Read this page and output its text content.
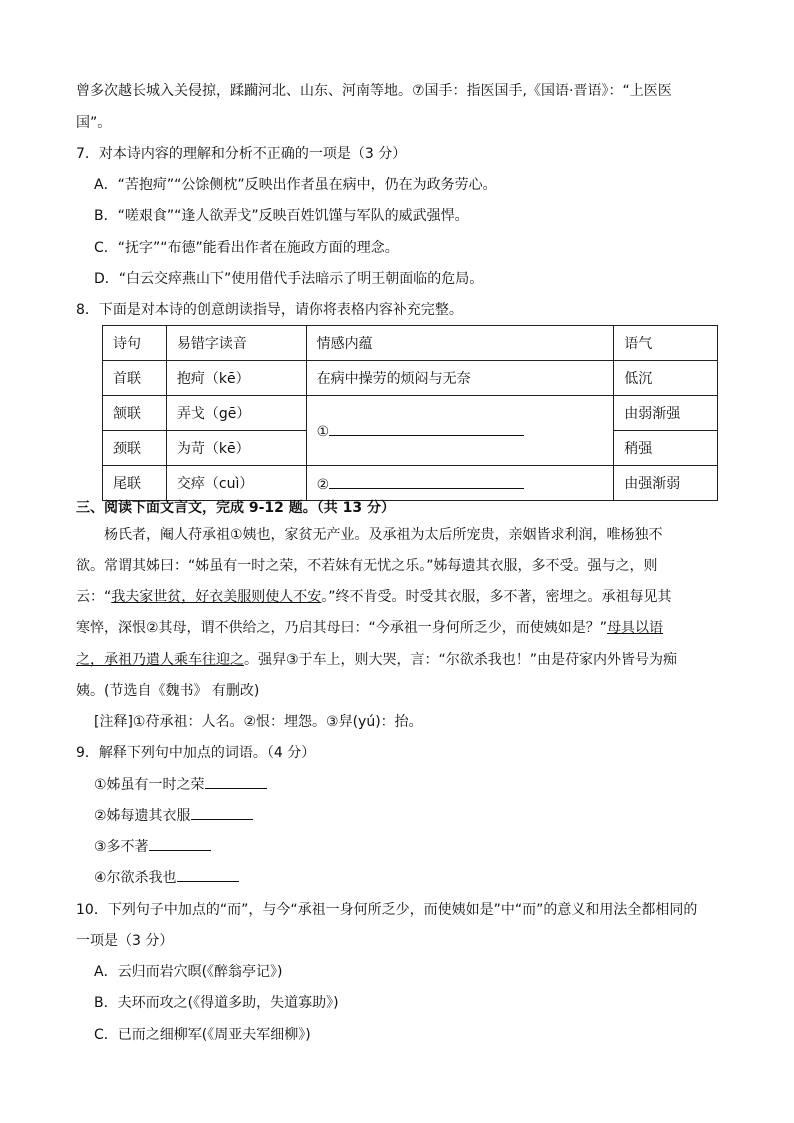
曾多次越长城入关侵掠，蹂躏河北、山东、河南等地。⑦国手：指医国手,《国语·晋语》：“上医医
国”。
7．对本诗内容的理解和分析不正确的一项是（3 分）
A．“苦抱疴”“公馀侧枕”反映出作者虽在病中，仍在为政务劳心。
B．“嗟艰食”“逢人欲弄戈”反映百姓饥馑与军队的威武强悍。
C．“抚字”“布德”能看出作者在施政方面的理念。
D．“白云交瘁燕山下”使用借代手法暗示了明王朝面临的危局。
8．下面是对本诗的创意朗读指导，请你将表格内容补充完整。
诗句	易错字读音	情感内蕴	语气
首联	抱疴（kē）	在病中操劳的烦闷与无奈	低沉
颔联	弄戈（gē）	①	由弱渐强
颈联	为苛（kē）		稍强
尾联	交瘁（cuì）	②	由强渐弱
三、阅读下面文言文，完成 9-12 题。（共 13 分）
杨氏者，阉人苻承祖①姨也，家贫无产业。及承祖为太后所宠贵，亲姻皆求利润，唯杨独不
欲。常谓其姊曰：“姊虽有一时之荣，不若妹有无忧之乐。”姊每遗其衣服，多不受。强与之，则
云：“我夫家世贫，好衣美服则使人不安。”终不肯受。时受其衣服，多不著，密埋之。承祖每见其
寒悴，深恨②其母，谓不供给之，乃启其母曰：“今承祖一身何所乏少，而使姨如是？”母具以语
之，承祖乃遣人乘车往迎之。强舁③于车上，则大哭，言：“尔欲杀我也！”由是苻家内外皆号为痴
姨。(节选自《魏书》 有删改)
[注释]①苻承祖：人名。②恨：埋怨。③舁(yú)：抬。
9．解释下列句中加点的词语。（4 分）
①姊虽有一时之荣
②姊每遗其衣服
③多不著
④尔欲杀我也
10．下列句子中加点的“而”，与今“承祖一身何所乏少，而使姨如是”中“而”的意义和用法全都相同的
一项是（3 分）
A．云归而岩穴暝(《醉翁亭记》)
B．夫环而攻之(《得道多助，失道寡助》)
C．已而之细柳军(《周亚夫军细柳》)
